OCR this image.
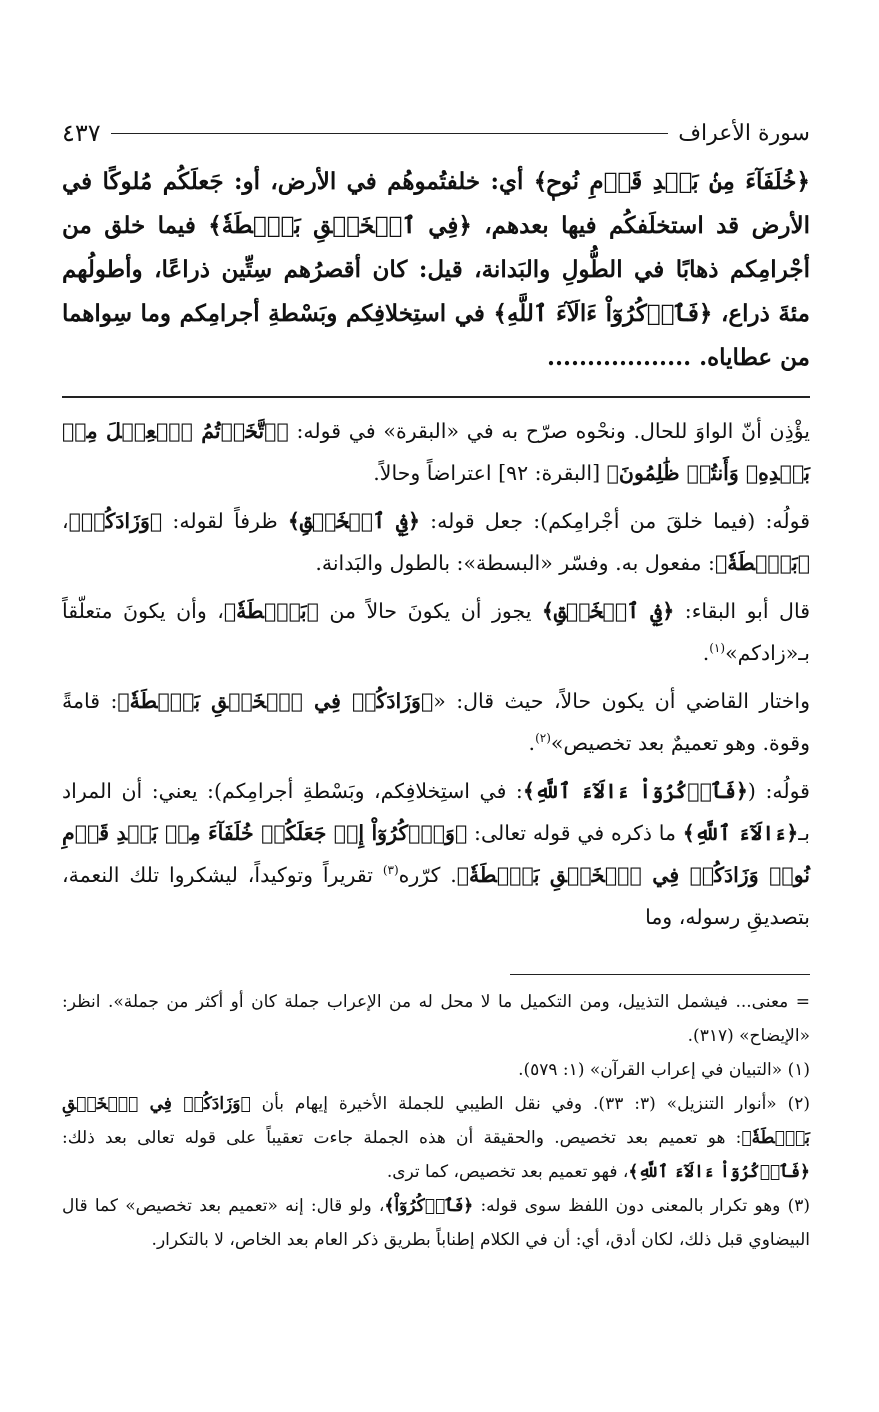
سورة الأعراف
٤٣٧

﴿خُلَفَآءَ مِنۢ بَعۡدِ قَوۡمِ نُوحٖ﴾ أي: خلفتُموهُم في الأرض، أو: جَعلَكُم مُلوكًا في الأرض قد استخلَفكُم فيها بعدهم، ﴿فِي ٱلۡخَلۡقِ بَصۜۡطَةٗ﴾ فيما خلق من أجْرامِكم ذهابًا في الطُّولِ والبَدانة، قيل: كان أقصرُهم سِتِّين ذراعًا، وأطولُهم مئةَ ذراع، ﴿فَٱذۡكُرُوٓاْ ءَالَآءَ ٱللَّهِ﴾ في استِخلافِكم وبَسْطةِ أجرامِكم وما سِواهما من عطاياه. ..................

يؤْذِن أنّ الواوَ للحال. ونحْوه صرّح به في «البقرة» في قوله: ﴿ٱتَّخَذۡتُمُ ٱلۡعِجۡلَ مِنۢ بَعۡدِهِۦ وَأَنتُمۡ ظَٰلِمُونَ﴾ [البقرة: ٩٢] اعتراضاً وحالاً.

قولُه: (فيما خلقَ من أجْرامِكم): جعل قوله: ﴿فِي ٱلۡخَلۡقِ﴾ ظرفاً لقوله: ﴿وَزَادَكُمۡ﴾، ﴿بَصۜۡطَةٗ﴾: مفعول به. وفسّر «البسطة»: بالطول والبَدانة.

قال أبو البقاء: ﴿فِي ٱلۡخَلۡقِ﴾ يجوز أن يكونَ حالاً من ﴿بَصۜۡطَةٗ﴾، وأن يكونَ متعلّقاً بـ«زادكم»$^{(١)}$.

واختار القاضي أن يكون حالاً، حيث قال: «﴿وَزَادَكُمۡ فِي ٱلۡخَلۡقِ بَصۜۡطَةٗ﴾: قامةً وقوة. وهو تعميمٌ بعد تخصيص»$^{(٢)}$.

قولُه: (﴿فَٱذۡكُرُوٓاْ ءَالَآءَ ٱللَّهِ﴾: في استِخلافِكم، وبَسْطةِ أجرامِكم): يعني: أن المراد بـ﴿ءَالَآءَ ٱللَّهِ﴾ ما ذكره في قوله تعالى: ﴿وَٱذۡكُرُوٓاْ إِذۡ جَعَلَكُمۡ خُلَفَآءَ مِنۢ بَعۡدِ قَوۡمِ نُوحٖ وَزَادَكُمۡ فِي ٱلۡخَلۡقِ بَصۜۡطَةٗ﴾. كرّره$^{(٣)}$ تقريراً وتوكيداً، ليشكروا تلك النعمة، بتصديقِ رسوله، وما

= معنى... فيشمل التذييل، ومن التكميل ما لا محل له من الإعراب جملة كان أو أكثر من جملة». انظر: «الإيضاح» (٣١٧).

(١) «التبيان في إعراب القرآن» (١: ٥٧٩).

(٢) «أنوار التنزيل» (٣: ٣٣). وفي نقل الطيبي للجملة الأخيرة إيهام بأن ﴿وَزَادَكُمۡ فِي ٱلۡخَلۡقِ بَصۜۡطَةٗ﴾: هو تعميم بعد تخصيص. والحقيقة أن هذه الجملة جاءت تعقيباً على قوله تعالى بعد ذلك: ﴿فَٱذۡكُرُوٓاْ ءَالَآءَ ٱللَّهِ﴾، فهو تعميم بعد تخصيص، كما ترى.

(٣) وهو تكرار بالمعنى دون اللفظ سوى قوله: ﴿فَٱذۡكُرُوٓاْ﴾، ولو قال: إنه «تعميم بعد تخصيص» كما قال البيضاوي قبل ذلك، لكان أدق، أي: أن في الكلام إطناباً بطريق ذكر العام بعد الخاص، لا بالتكرار.
